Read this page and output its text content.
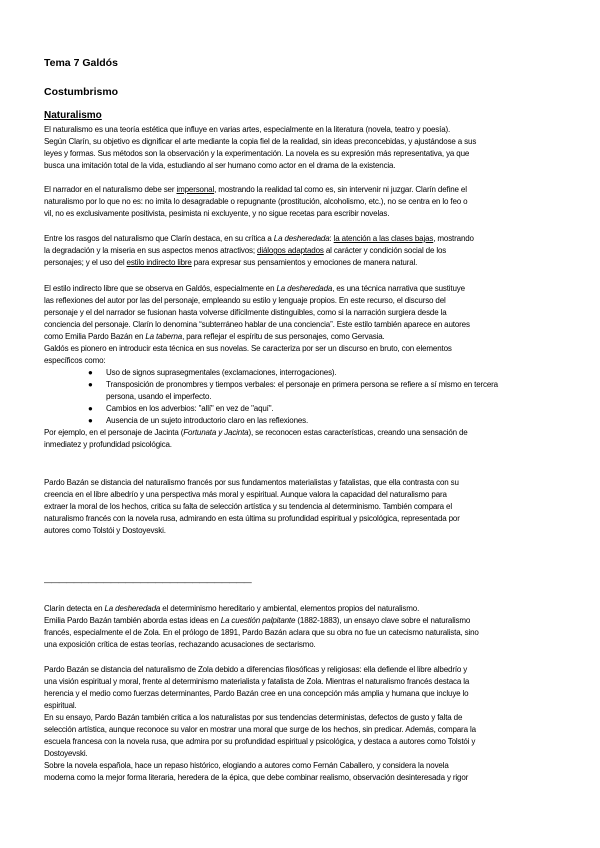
Tema 7 Galdós
Costumbrismo
Naturalismo
El naturalismo es una teoría estética que influye en varias artes, especialmente en la literatura (novela, teatro y poesía).
Según Clarín, su objetivo es dignificar el arte mediante la copia fiel de la realidad, sin ideas preconcebidas, y ajustándose a sus
leyes y formas. Sus métodos son la observación y la experimentación. La novela es su expresión más representativa, ya que
busca una imitación total de la vida, estudiando al ser humano como actor en el drama de la existencia.
El narrador en el naturalismo debe ser impersonal, mostrando la realidad tal como es, sin intervenir ni juzgar. Clarín define el
naturalismo por lo que no es: no imita lo desagradable o repugnante (prostitución, alcoholismo, etc.), no se centra en lo feo o
vil, no es exclusivamente positivista, pesimista ni excluyente, y no sigue recetas para escribir novelas.
Entre los rasgos del naturalismo que Clarín destaca, en su crítica a La desheredada: la atención a las clases bajas, mostrando
la degradación y la miseria en sus aspectos menos atractivos; diálogos adaptados al carácter y condición social de los
personajes; y el uso del estilo indirecto libre para expresar sus pensamientos y emociones de manera natural.
El estilo indirecto libre que se observa en Galdós, especialmente en La desheredada, es una técnica narrativa que sustituye
las reflexiones del autor por las del personaje, empleando su estilo y lenguaje propios. En este recurso, el discurso del
personaje y el del narrador se fusionan hasta volverse difícilmente distinguibles, como si la narración surgiera desde la
conciencia del personaje. Clarín lo denomina “subterráneo hablar de una conciencia”. Este estilo también aparece en autores
como Emilia Pardo Bazán en La taberna, para reflejar el espíritu de sus personajes, como Gervasia.
Galdós es pionero en introducir esta técnica en sus novelas. Se caracteriza por ser un discurso en bruto, con elementos
específicos como:
● Uso de signos suprasegmentales (exclamaciones, interrogaciones).
● Transposición de pronombres y tiempos verbales: el personaje en primera persona se refiere a sí mismo en tercera
persona, usando el imperfecto.
● Cambios en los adverbios: "allí" en vez de "aquí".
● Ausencia de un sujeto introductorio claro en las reflexiones.
Por ejemplo, en el personaje de Jacinta (Fortunata y Jacinta), se reconocen estas características, creando una sensación de
inmediatez y profundidad psicológica.
Pardo Bazán se distancia del naturalismo francés por sus fundamentos materialistas y fatalistas, que ella contrasta con su
creencia en el libre albedrío y una perspectiva más moral y espiritual. Aunque valora la capacidad del naturalismo para
extraer la moral de los hechos, critica su falta de selección artística y su tendencia al determinismo. También compara el
naturalismo francés con la novela rusa, admirando en esta última su profundidad espiritual y psicológica, representada por
autores como Tolstói y Dostoyevski.
————————————————————————————
Clarín detecta en La desheredada el determinismo hereditario y ambiental, elementos propios del naturalismo.
Emilia Pardo Bazán también aborda estas ideas en La cuestión palpitante (1882-1883), un ensayo clave sobre el naturalismo
francés, especialmente el de Zola. En el prólogo de 1891, Pardo Bazán aclara que su obra no fue un catecismo naturalista, sino
una exposición crítica de estas teorías, rechazando acusaciones de sectarismo.
Pardo Bazán se distancia del naturalismo de Zola debido a diferencias filosóficas y religiosas: ella defiende el libre albedrío y
una visión espiritual y moral, frente al determinismo materialista y fatalista de Zola. Mientras el naturalismo francés destaca la
herencia y el medio como fuerzas determinantes, Pardo Bazán cree en una concepción más amplia y humana que incluye lo
espiritual.
En su ensayo, Pardo Bazán también critica a los naturalistas por sus tendencias deterministas, defectos de gusto y falta de
selección artística, aunque reconoce su valor en mostrar una moral que surge de los hechos, sin predicar. Además, compara la
escuela francesa con la novela rusa, que admira por su profundidad espiritual y psicológica, y destaca a autores como Tolstói y
Dostoyevski.
Sobre la novela española, hace un repaso histórico, elogiando a autores como Fernán Caballero, y considera la novela
moderna como la mejor forma literaria, heredera de la épica, que debe combinar realismo, observación desinteresada y rigor
